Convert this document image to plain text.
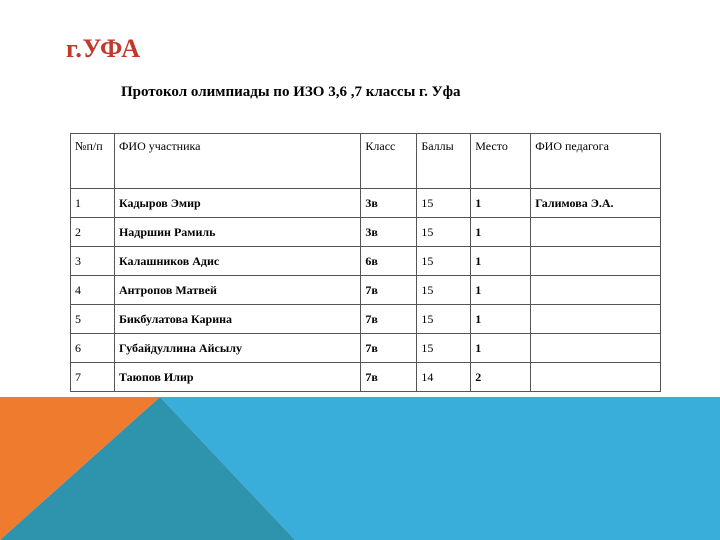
г.УФА
Протокол олимпиады по ИЗО 3,6 ,7 классы г. Уфа
№п/п	ФИО участника	Класс	Баллы	Место	ФИО педагога
1	Кадыров Эмир	3в	15	1	Галимова Э.А.
2	Надршин Рамиль	3в	15	1	
3	Калашников Адис	6в	15	1	
4	Антропов Матвей	7в	15	1	
5	Бикбулатова Карина	7в	15	1	
6	Губайдуллина Айсылу	7в	15	1	
7	Таюпов Илир	7в	14	2	
